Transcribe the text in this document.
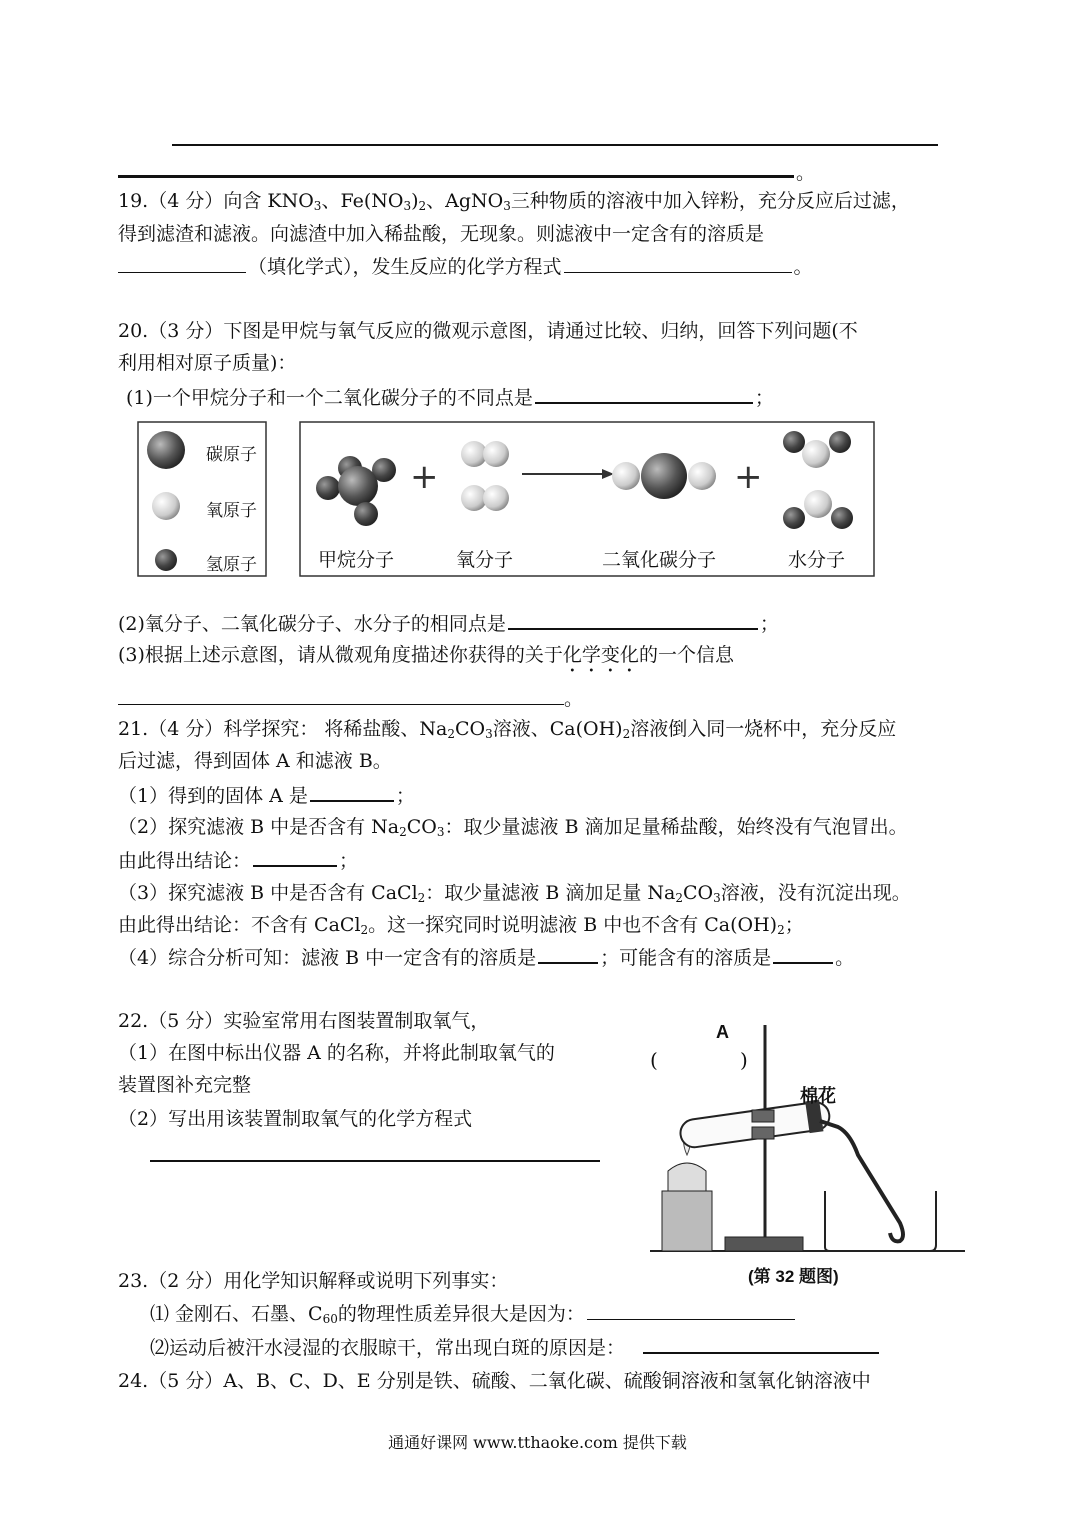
。
19.（4 分）向含 $KNO_3$、$Fe(NO_3)_2$、AgNO$_3$三种物质的溶液中加入锌粉，充分反应后过滤，
得到滤渣和滤液。向滤渣中加入稀盐酸，无现象。则滤液中一定含有的溶质是
（填化学式），发生反应的化学方程式	。
20.（3 分）下图是甲烷与氧气反应的微观示意图，请通过比较、归纳，回答下列问题(不
利用相对原子质量)：
(1)一个甲烷分子和一个二氧化碳分子的不同点是	；
+	+
碳原子
氧原子
氢原子	甲烷分子	氧分子	二氧化碳分子	水分子
(2)氧分子、二氧化碳分子、水分子的相同点是	；
(3)根据上述示意图，请从微观角度描述你获得的关于化学变化的一个信息
。
21.（4 分）科学探究： 将稀盐酸、$Na_2CO_3$溶液、$Ca(OH)_2$溶液倒入同一烧杯中，充分反应
后过滤，得到固体 A 和滤液 B。
（1）得到的固体 A 是	；
（2）探究滤液 B 中是否含有 $Na_2CO_3$：取少量滤液 B 滴加足量稀盐酸，始终没有气泡冒出。
由此得出结论：	；
（3）探究滤液 B 中是否含有 CaCl$_2$：取少量滤液 B 滴加足量 $Na_2CO_3$溶液，没有沉淀出现。
由此得出结论：不含有 CaCl$_2$。这一探究同时说明滤液 B 中也不含有 $Ca(OH)_2$；
（4）综合分析可知：滤液 B 中一定含有的溶质是	；可能含有的溶质是	。
22.（5 分）实验室常用右图装置制取氧气，
（1）在图中标出仪器 A 的名称，并将此制取氧气的
装置图补充完整
（2）写出用该装置制取氧气的化学方程式
A
(	)
棉花
(第 32 题图)
23.（2 分）用化学知识解释或说明下列事实：
⑴ 金刚石、石墨、$C_{60}$的物理性质差异很大是因为：
⑵运动后被汗水浸湿的衣服晾干，常出现白斑的原因是：
24.（5 分）A、B、C、D、E 分别是铁、硫酸、二氧化碳、硫酸铜溶液和氢氧化钠溶液中
通通好课网 www.tthaoke.com 提供下载
